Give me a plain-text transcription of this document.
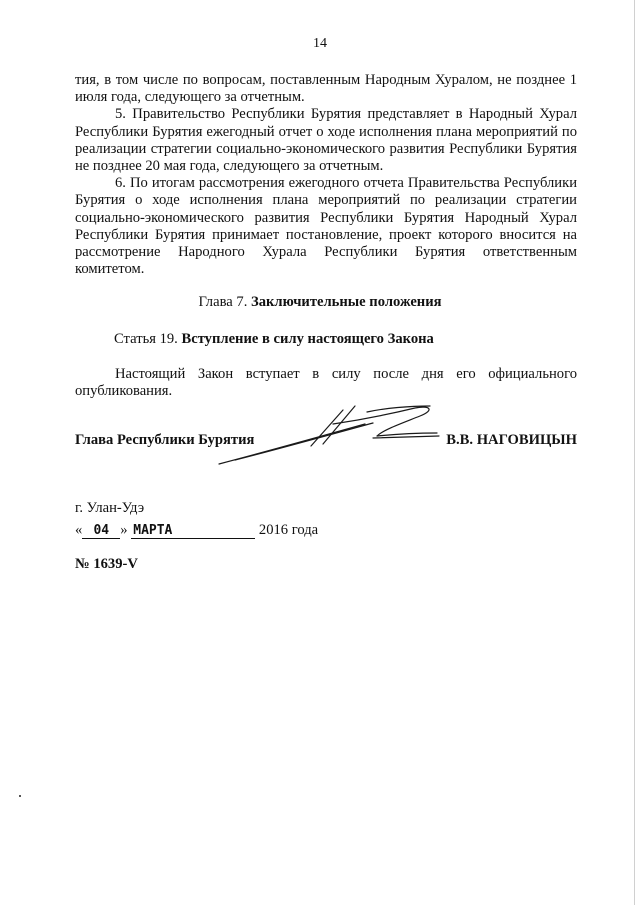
14

тия, в том числе по вопросам, поставленным Народным Хуралом, не позднее 1 июля года, следующего за отчетным.

5. Правительство Республики Бурятия представляет в Народный Хурал Республики Бурятия ежегодный отчет о ходе исполнения плана мероприятий по реализации стратегии социально-экономического развития Республики Бурятия не позднее 20 мая года, следующего за отчетным.

6. По итогам рассмотрения ежегодного отчета Правительства Республики Бурятия о ходе исполнения плана мероприятий по реализации стратегии социально-экономического развития Республики Бурятия Народный Хурал Республики Бурятия принимает постановление, проект которого вносится на рассмотрение Народного Хурала Республики Бурятия ответственным комитетом.

Глава 7. Заключительные положения
Статья 19. Вступление в силу настоящего Закона
Настоящий Закон вступает в силу после дня его официального опубликования.
Глава Республики Бурятия	В.В. НАГОВИЦЫН
г. Улан-Удэ
« 04 » МАРТА	2016 года
№ 1639-V
